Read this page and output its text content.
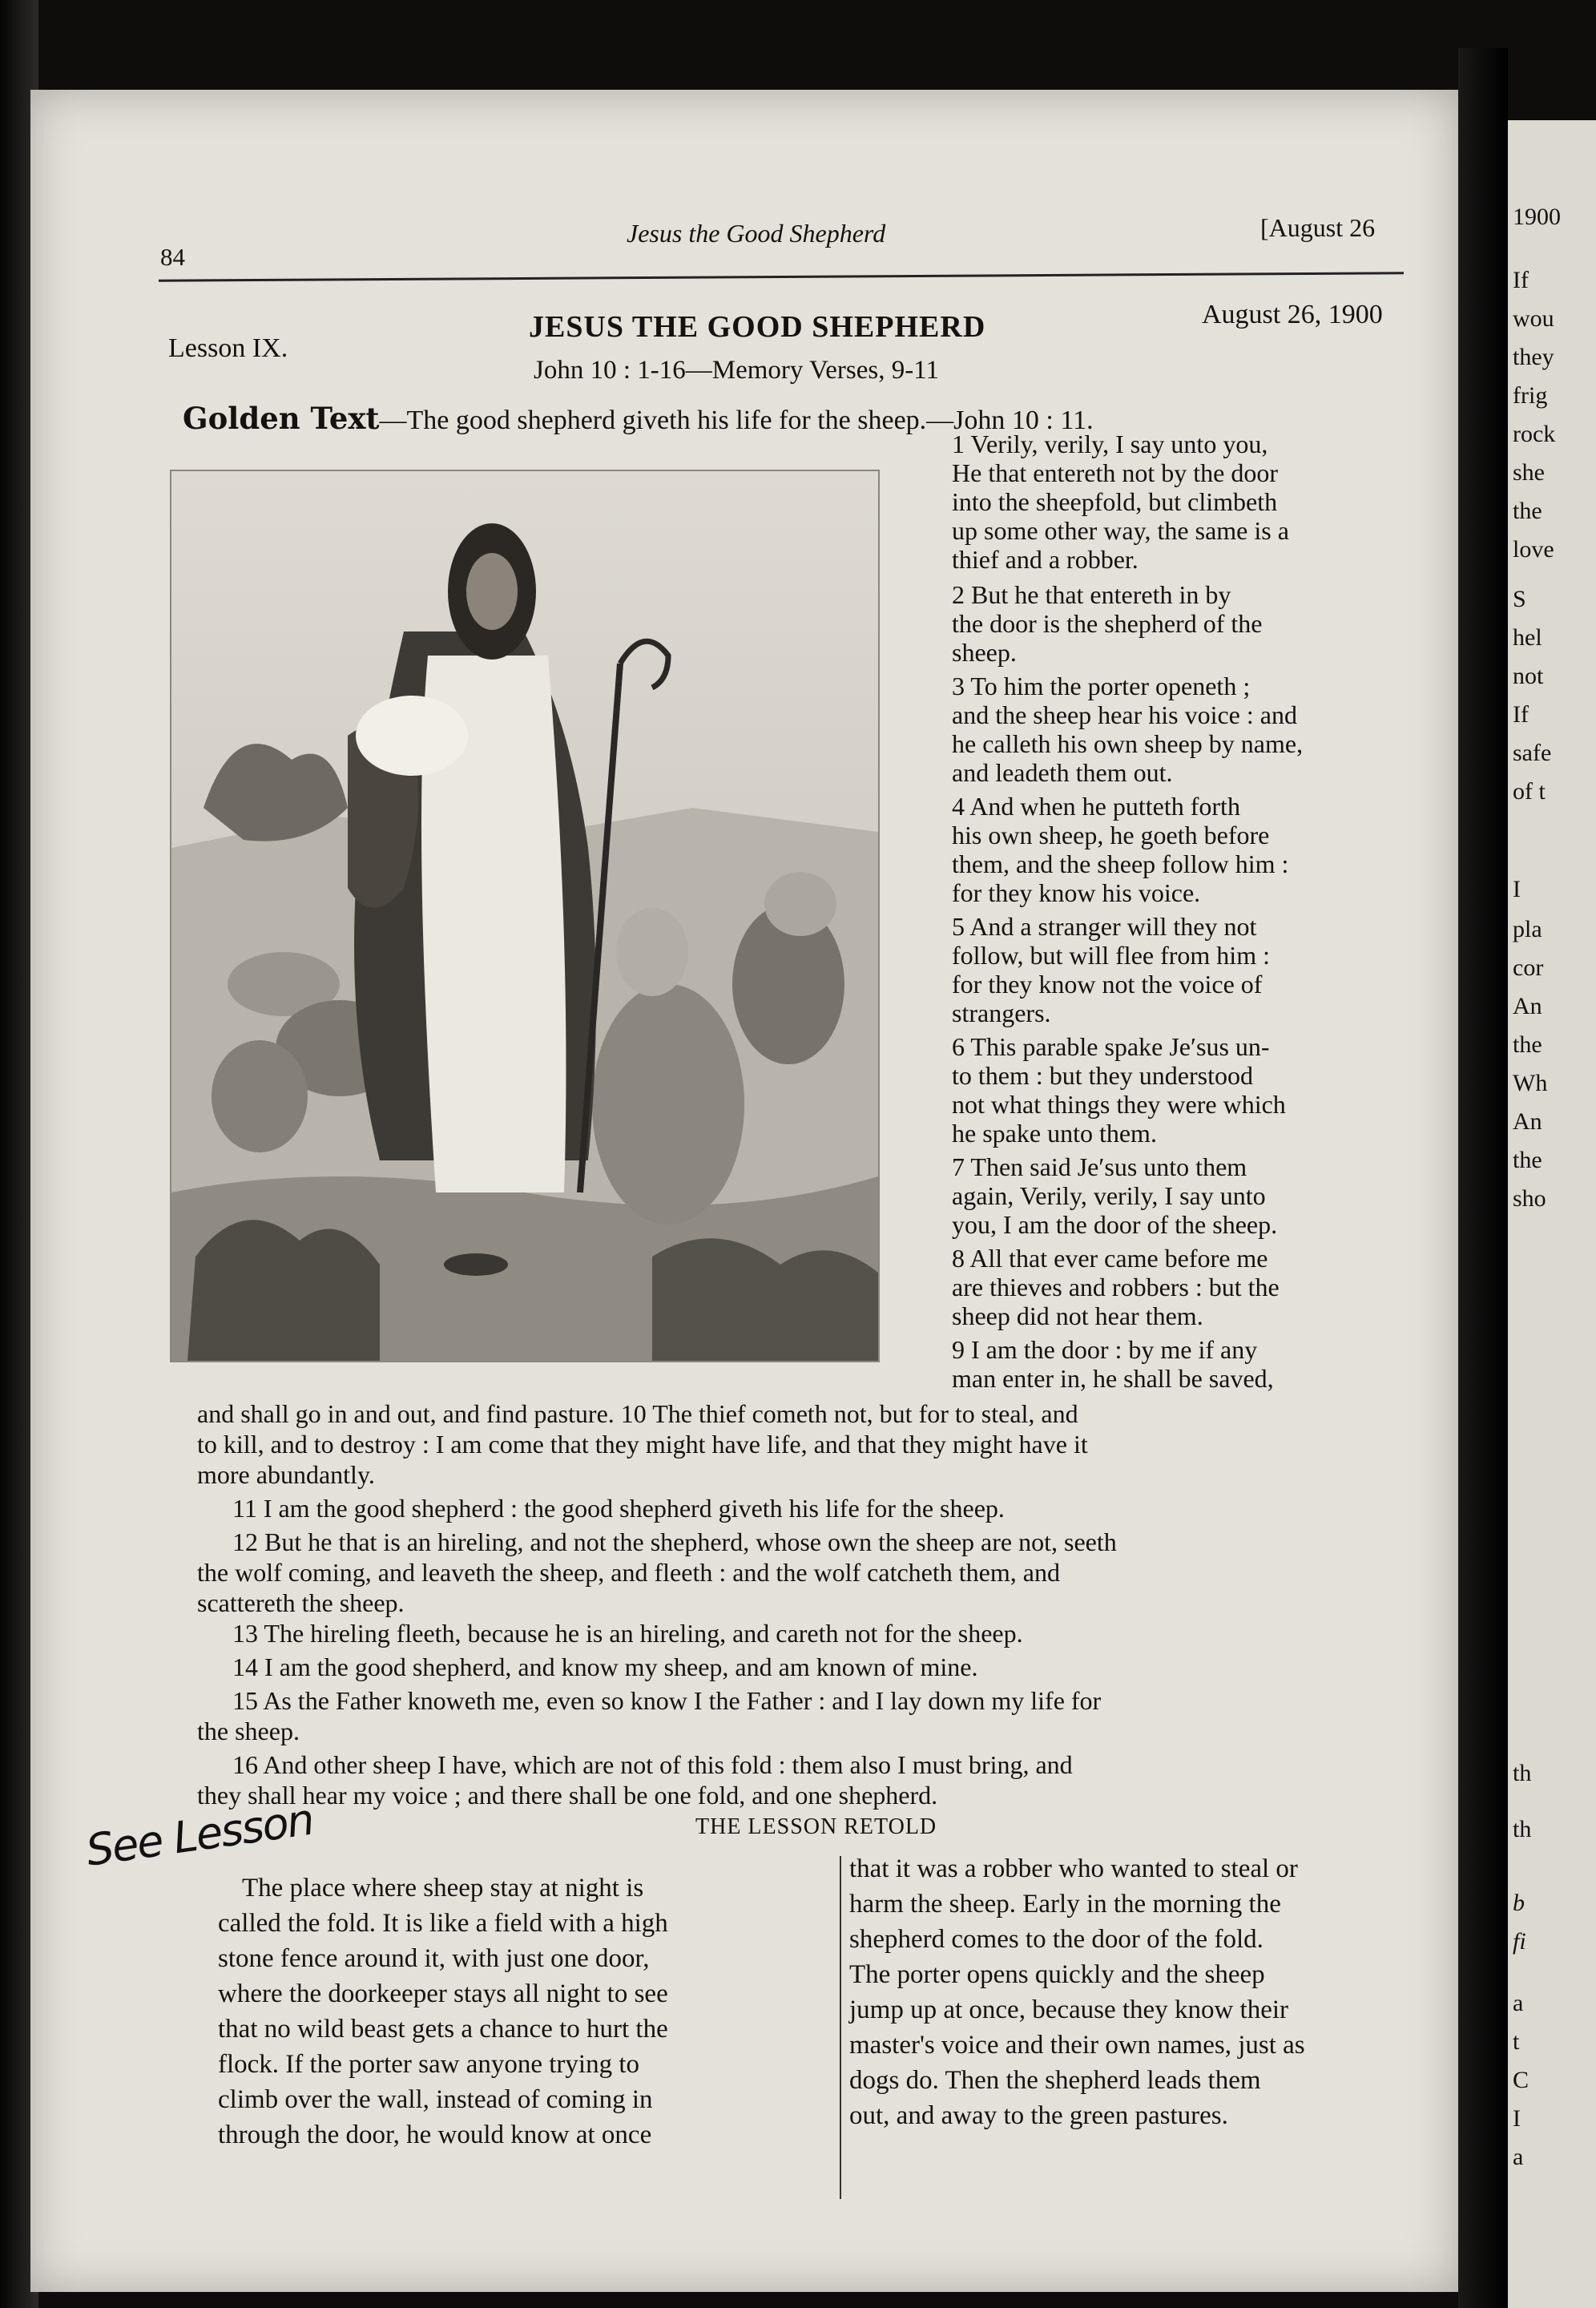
1900
If
wou
they
frig
rock
she
the
love
S
hel
not
If
safe
of t
I
pla
cor
An
the
Wh
An
the
sho
th
th
b
fi
a
t
C
I
a
84
Jesus the Good Shepherd	[August 26
Lesson IX.
JESUS THE GOOD SHEPHERD	August 26, 1900
John 10 : 1-16—Memory Verses, 9-11
Golden Text—The good shepherd giveth his life for the sheep.—John 10 : 11.
1 Verily, verily, I say unto you,
He that entereth not by the door
into the sheepfold, but climbeth
up some other way, the same is a
thief and a robber.
2 But he that entereth in by
the door is the shepherd of the
sheep.
3 To him the porter openeth ;
and the sheep hear his voice : and
he calleth his own sheep by name,
and leadeth them out.
4 And when he putteth forth
his own sheep, he goeth before
them, and the sheep follow him :
for they know his voice.
5 And a stranger will they not
follow, but will flee from him :
for they know not the voice of
strangers.
6 This parable spake Je′sus un-
to them : but they understood
not what things they were which
he spake unto them.
7 Then said Je′sus unto them
again, Verily, verily, I say unto
you, I am the door of the sheep.
8 All that ever came before me
are thieves and robbers : but the
sheep did not hear them.
9 I am the door : by me if any
man enter in, he shall be saved,
and shall go in and out, and find pasture. 10 The thief cometh not, but for to steal, and
to kill, and to destroy : I am come that they might have life, and that they might have it
more abundantly.
11 I am the good shepherd : the good shepherd giveth his life for the sheep.
12 But he that is an hireling, and not the shepherd, whose own the sheep are not, seeth
the wolf coming, and leaveth the sheep, and fleeth : and the wolf catcheth them, and
scattereth the sheep.
13 The hireling fleeth, because he is an hireling, and careth not for the sheep.
14 I am the good shepherd, and know my sheep, and am known of mine.
15 As the Father knoweth me, even so know I the Father : and I lay down my life for
the sheep.
16 And other sheep I have, which are not of this fold : them also I must bring, and
they shall hear my voice ; and there shall be one fold, and one shepherd.
See Lesson	THE LESSON RETOLD
The place where sheep stay at night is
called the fold. It is like a field with a high
stone fence around it, with just one door,
where the doorkeeper stays all night to see
that no wild beast gets a chance to hurt the
flock. If the porter saw anyone trying to
climb over the wall, instead of coming in
through the door, he would know at once
that it was a robber who wanted to steal or
harm the sheep. Early in the morning the
shepherd comes to the door of the fold.
The porter opens quickly and the sheep
jump up at once, because they know their
master's voice and their own names, just as
dogs do. Then the shepherd leads them
out, and away to the green pastures.
